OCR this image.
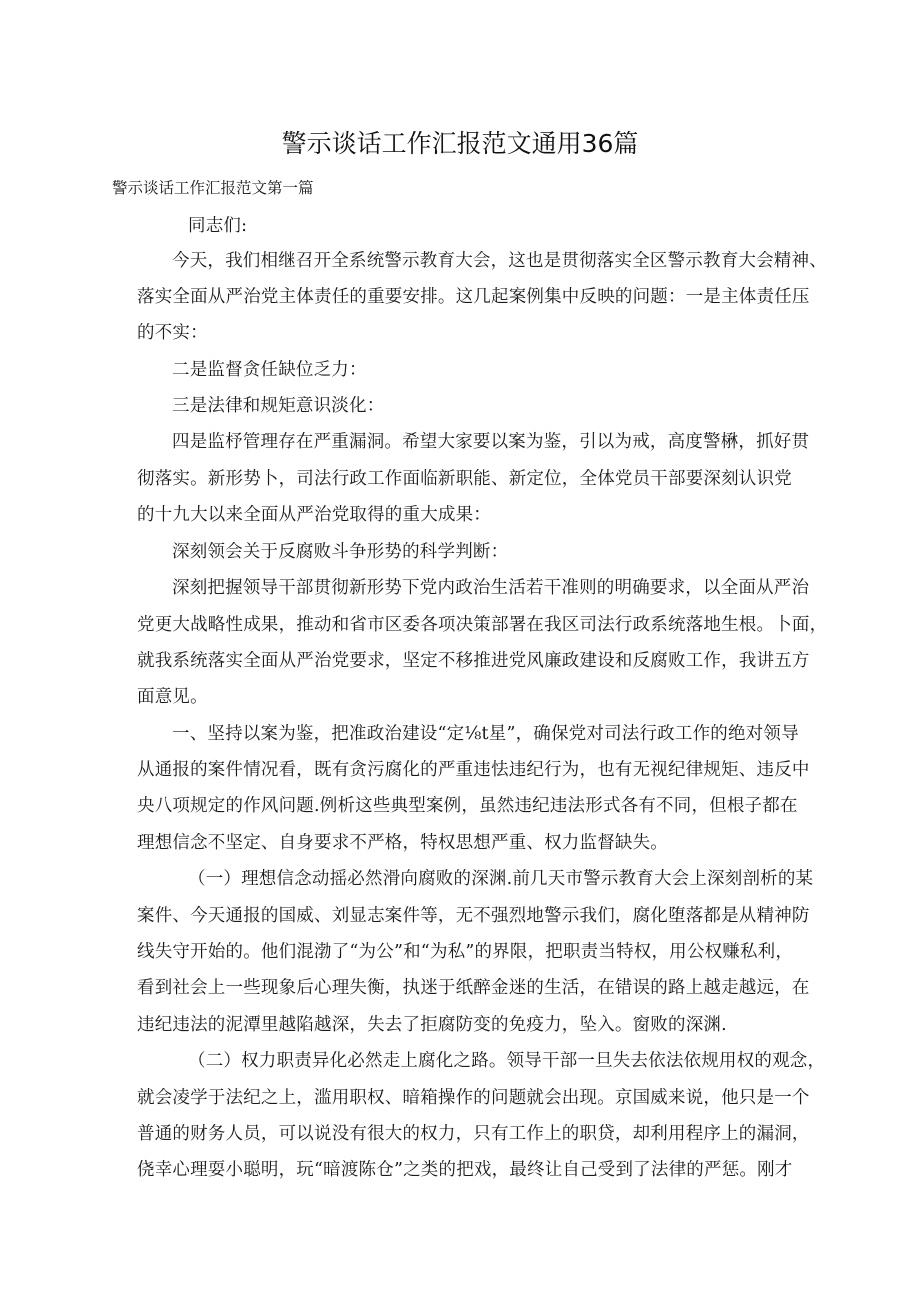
警示谈话工作汇报范文通用36篇

警示谈话工作汇报范文第一篇

同志们:

今天，我们相继召开全系统警示教育大会，这也是贯彻落实全区警示教育大会精神、

落实全面从严治党主体责任的重要安排。这几起案例集中反映的问题：一是主体责任压

的不实：

二是监督贪任缺位乏力：

三是法律和规矩意识淡化：

四是监杼管理存在严重漏洞。希望大家要以案为鉴，引以为戒，高度警楙，抓好贯

彻落实。新形势卜，司法行政工作面临新职能、新定位，全体党员干部要深刻认识党

的十九大以来全面从严治党取得的重大成果：

深刻领会关于反腐败斗争形势的科学判断：

深刻把握领导干部贯彻新形势下党内政治生活若干准则的明确要求，以全面从严治

党更大战略性成果，推动和省市区委各项决策部署在我区司法行政系统落地生根。卜面，

就我系统落实全面从严治党要求，坚定不移推进党风廉政建设和反腐败工作，我讲五方

面意见。

一、坚持以案为鉴，把准政治建设“定⅛t星”，确保党对司法行政工作的绝对领导

从通报的案件情况看，既有贪污腐化的严重违怯违纪行为，也有无视纪律规矩、违反中

央八项规定的作风问题.例析这些典型案例，虽然违纪违法形式各有不同，但根子都在

理想信念不坚定、自身要求不严格，特权思想严重、权力监督缺失。

（一）理想信念动摇必然滑向腐败的深渊.前几天市警示教育大会上深刻剖析的某

案件、今天通报的国威、刘显志案件等，无不强烈地警示我们，腐化堕落都是从精神防

线失守开始的。他们混渤了“为公”和“为私”的界限，把职责当特权，用公权赚私利，

看到社会上一些现象后心理失衡，执迷于纸醉金迷的生活，在错误的路上越走越远，在

违纪违法的泥潭里越陷越深，失去了拒腐防变的免疫力，坠入。窗败的深渊.

（二）权力职责异化必然走上腐化之路。领导干部一旦失去依法依规用权的观念，

就会凌学于法纪之上，滥用职权、暗箱操作的问题就会出现。京国威来说，他只是一个

普通的财务人员，可以说没有很大的权力，只有工作上的职贷，却利用程序上的漏洞，

侥幸心理耍小聪明，玩“暗渡陈仓”之类的把戏，最终让自己受到了法律的严惩。刚才
